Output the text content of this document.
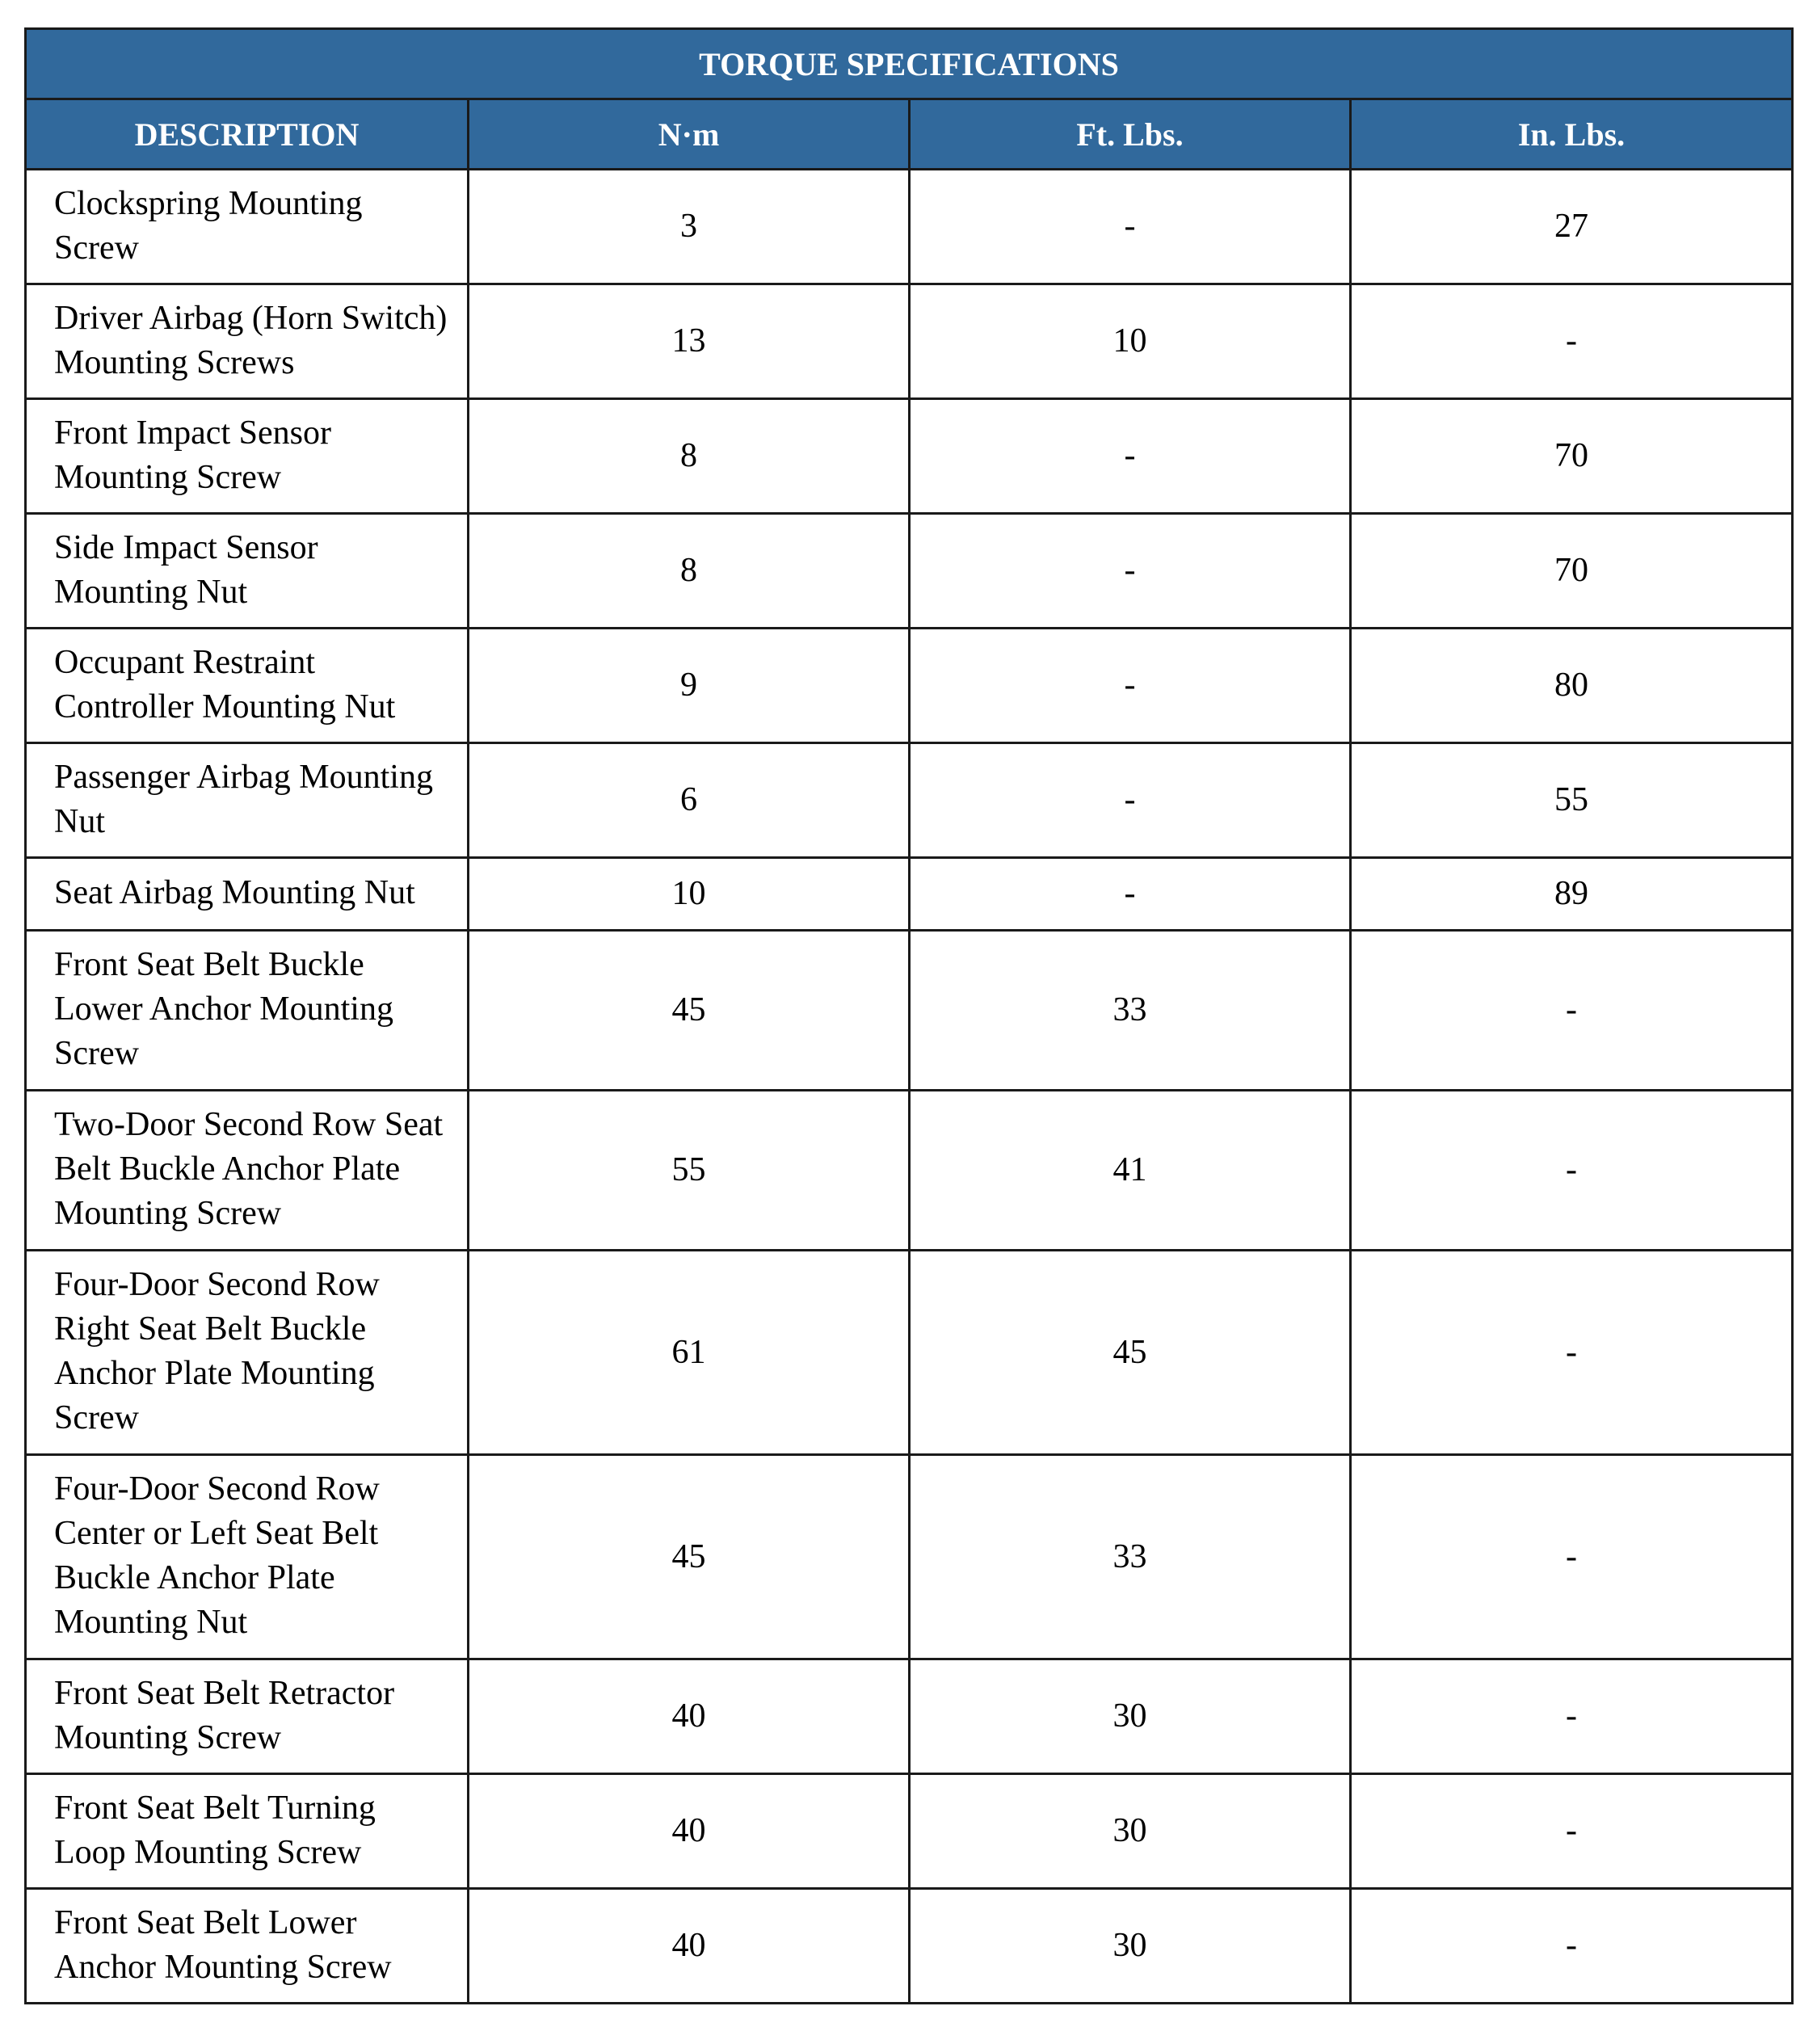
TORQUE SPECIFICATIONS			
DESCRIPTION	N·m	Ft. Lbs.	In. Lbs.
Clockspring Mounting Screw	3	-	27
Driver Airbag (Horn Switch) Mounting Screws	13	10	-
Front Impact Sensor Mounting Screw	8	-	70
Side Impact Sensor Mounting Nut	8	-	70
Occupant Restraint Controller Mounting Nut	9	-	80
Passenger Airbag Mounting Nut	6	-	55
Seat Airbag Mounting Nut	10	-	89
Front Seat Belt Buckle Lower Anchor Mounting Screw	45	33	-
Two-Door Second Row Seat Belt Buckle Anchor Plate Mounting Screw	55	41	-
Four-Door Second Row Right Seat Belt Buckle Anchor Plate Mounting Screw	61	45	-
Four-Door Second Row Center or Left Seat Belt Buckle Anchor Plate Mounting Nut	45	33	-
Front Seat Belt Retractor Mounting Screw	40	30	-
Front Seat Belt Turning Loop Mounting Screw	40	30	-
Front Seat Belt Lower Anchor Mounting Screw	40	30	-
